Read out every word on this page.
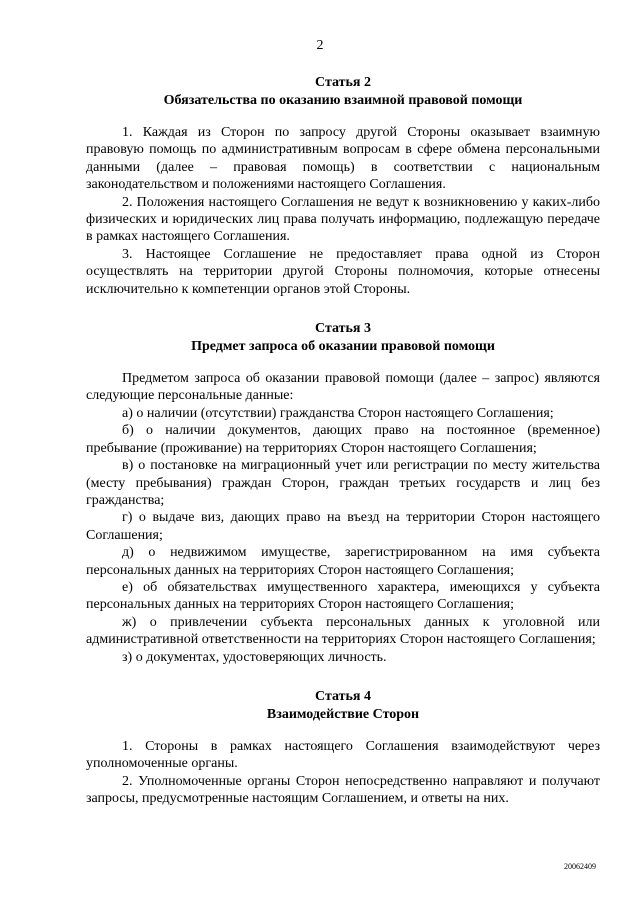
2
Статья 2
Обязательства по оказанию взаимной правовой помощи

1. Каждая из Сторон по запросу другой Стороны оказывает взаимную правовую помощь по административным вопросам в сфере обмена персональными данными (далее – правовая помощь) в соответствии с национальным законодательством и положениями настоящего Соглашения.

2. Положения настоящего Соглашения не ведут к возникновению у каких-либо физических и юридических лиц права получать информацию, подлежащую передаче в рамках настоящего Соглашения.

3. Настоящее Соглашение не предоставляет права одной из Сторон осуществлять на территории другой Стороны полномочия, которые отнесены исключительно к компетенции органов этой Стороны.

Статья 3
Предмет запроса об оказании правовой помощи

Предметом запроса об оказании правовой помощи (далее – запрос) являются следующие персональные данные:

а) о наличии (отсутствии) гражданства Сторон настоящего Соглашения;

б) о наличии документов, дающих право на постоянное (временное) пребывание (проживание) на территориях Сторон настоящего Соглашения;

в) о постановке на миграционный учет или регистрации по месту жительства (месту пребывания) граждан Сторон, граждан третьих государств и лиц без гражданства;

г) о выдаче виз, дающих право на въезд на территории Сторон настоящего Соглашения;

д) о недвижимом имуществе, зарегистрированном на имя субъекта персональных данных на территориях Сторон настоящего Соглашения;

е) об обязательствах имущественного характера, имеющихся у субъекта персональных данных на территориях Сторон настоящего Соглашения;

ж) о привлечении субъекта персональных данных к уголовной или административной ответственности на территориях Сторон настоящего Соглашения;

з) о документах, удостоверяющих личность.

Статья 4
Взаимодействие Сторон

1. Стороны в рамках настоящего Соглашения взаимодействуют через уполномоченные органы.

2. Уполномоченные органы Сторон непосредственно направляют и получают запросы, предусмотренные настоящим Соглашением, и ответы на них.

20062409
